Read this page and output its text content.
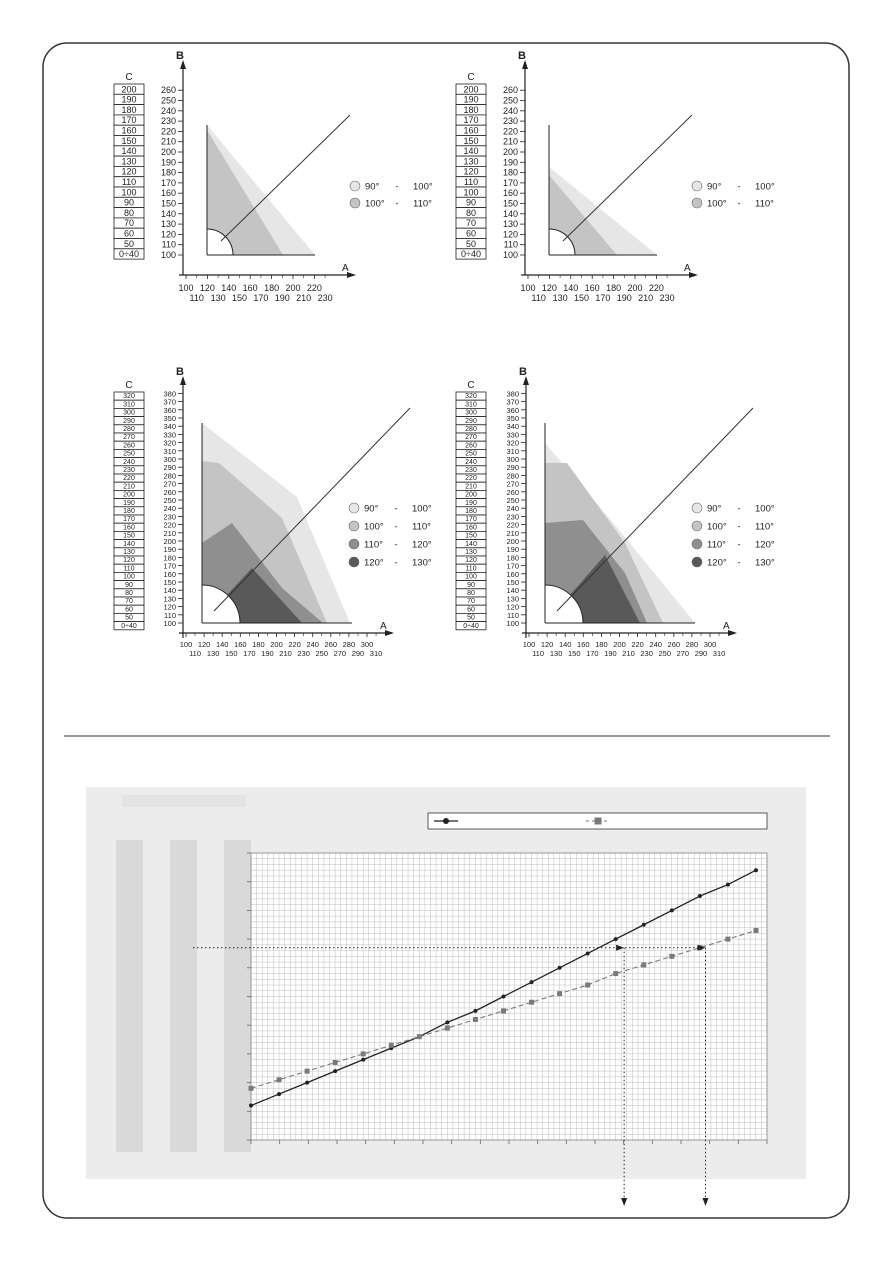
B
A
260
250
240
230
220
210
200
190
180
170
160
150
140
130
120
110
100
100 120 140 160 180 200 220
110 130 150 170 190 210 230
C
200
190
180
170
160
150
140
130
120
110
100
90
80
70
60
50
0÷40
90° - 100°
100° - 110°
B
A
260
250
240
230
220
210
200
190
180
170
160
150
140
130
120
110
100
100 120 140 160 180 200 220
110 130 150 170 190 210 230
C
200
190
180
170
160
150
140
130
120
110
100
90
80
70
60
50
0÷40
90° - 100°
100° - 110°
B
A
380
370
360
350
340
330
320
310
300
290
280
270
260
250
240
230
220
210
200
190
180
170
160
150
140
130
120
110
100
100 120 140 160 180 200 220 240 260 280 300
110 130 150 170 190 210 230 250 270 290 310
C
320
310
300
290
280
270
260
250
240
230
220
210
200
190
180
170
160
150
140
130
120
110
100
90
80
70
60
50
0÷40
90° - 100°
100° - 110°
110° - 120°
120° - 130°
B
A
380
370
360
350
340
330
320
310
300
290
280
270
260
250
240
230
220
210
200
190
180
170
160
150
140
130
120
110
100
100 120 140 160 180 200 220 240 260 280 300
110 130 150 170 190 210 230 250 270 290 310
C
320
310
300
290
280
270
260
250
240
230
220
210
200
190
180
170
160
150
140
130
120
110
100
90
80
70
60
50
0÷40
90° - 100°
100° - 110°
110° - 120°
120° - 130°
